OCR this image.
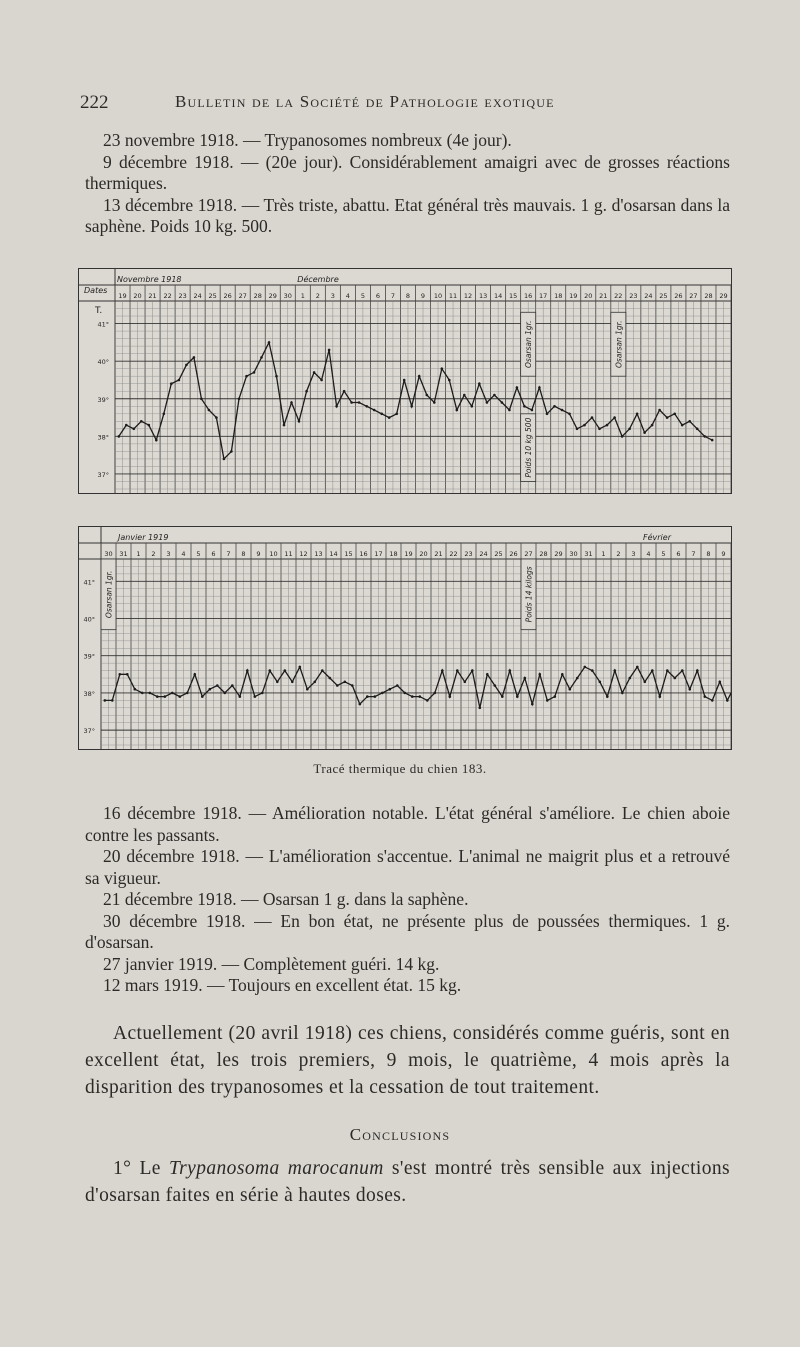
222	Bulletin de la Société de Pathologie exotique

23 novembre 1918. — Trypanosomes nombreux (4e jour).

9 décembre 1918. — (20e jour). Considérablement amaigri avec de grosses réactions thermiques.

13 décembre 1918. — Très triste, abattu. Etat général très mauvais. 1 g. d'osarsan dans la saphène. Poids 10 kg. 500.

Dates
T.
Novembre 1918	Décembre
19 20 21 22 23 24 25 26 27 28 29 30 1 2 3 4 5 6 7 8 9 10 11 12 13 14 15 16 17 18 19 20 21 22 23 24 25 26 27 28 29
41°
40°
39°
38°
37°
Osarsan 1gr.
Poids 10 kg 500
Osarsan 1gr.
Janvier 1919	Février
30 31 1 2 3 4 5 6 7 8 9 10 11 12 13 14 15 16 17 18 19 20 21 22 23 24 25 26 27 28 29 30 31 1 2 3 4 5 6 7 8 9
41°
40°
39°
38°
37°
Osarsan 1gr.	Poids 14 kilogs
Tracé thermique du chien 183.

16 décembre 1918. — Amélioration notable. L'état général s'améliore. Le chien aboie contre les passants.

20 décembre 1918. — L'amélioration s'accentue. L'animal ne maigrit plus et a retrouvé sa vigueur.

21 décembre 1918. — Osarsan 1 g. dans la saphène.

30 décembre 1918. — En bon état, ne présente plus de poussées thermiques. 1 g. d'osarsan.

27 janvier 1919. — Complètement guéri. 14 kg.

12 mars 1919. — Toujours en excellent état. 15 kg.

Actuellement (20 avril 1918) ces chiens, considérés comme guéris, sont en excellent état, les trois premiers, 9 mois, le quatrième, 4 mois après la disparition des trypanosomes et la cessation de tout traitement.

Conclusions

1° Le Trypanosoma marocanum s'est montré très sensible aux injections d'osarsan faites en série à hautes doses.
